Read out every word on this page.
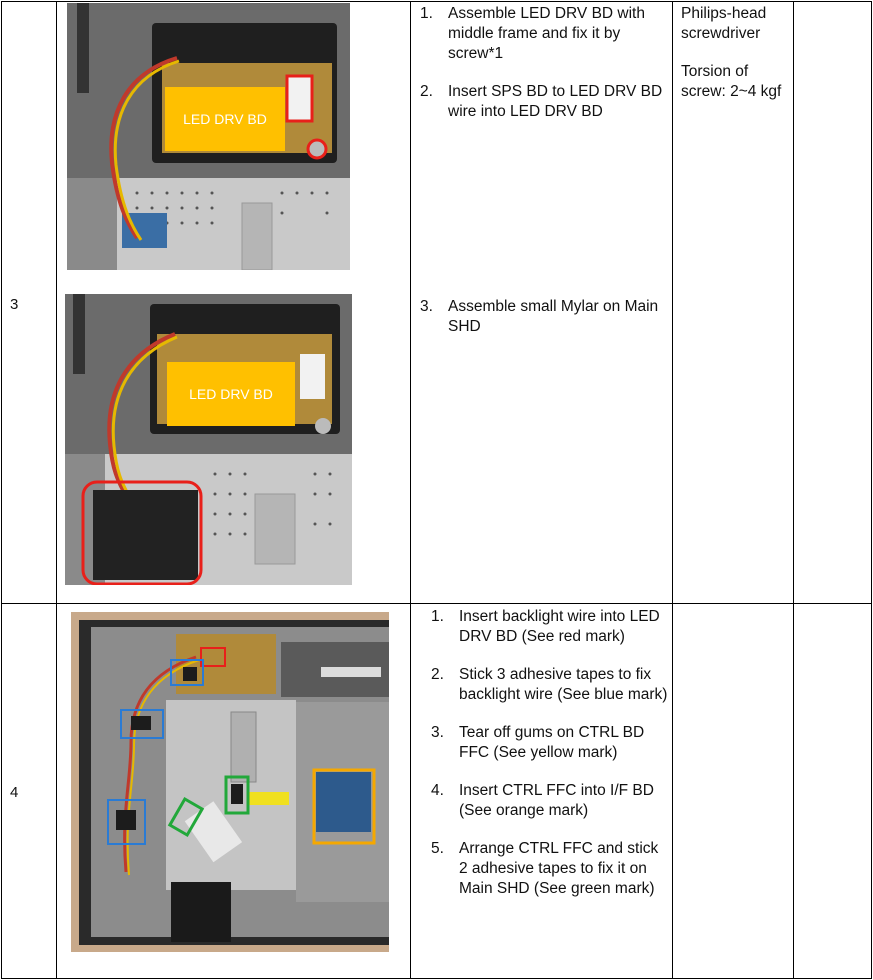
3
LED DRV BD
LED DRV BD
1. Assemble LED DRV BD with middle frame and fix it by screw*1
2. Insert SPS BD to LED DRV BD wire into LED DRV BD
3. Assemble small Mylar on Main SHD
Philips-head screwdriver
Torsion of screw: 2~4 kgf
4
1. Insert backlight wire into LED DRV BD (See red mark)
2. Stick 3 adhesive tapes to fix backlight wire (See blue mark)
3. Tear off gums on CTRL BD FFC (See yellow mark)
4. Insert CTRL FFC into I/F BD (See orange mark)
5. Arrange CTRL FFC and stick 2 adhesive tapes to fix it on Main SHD (See green mark)
